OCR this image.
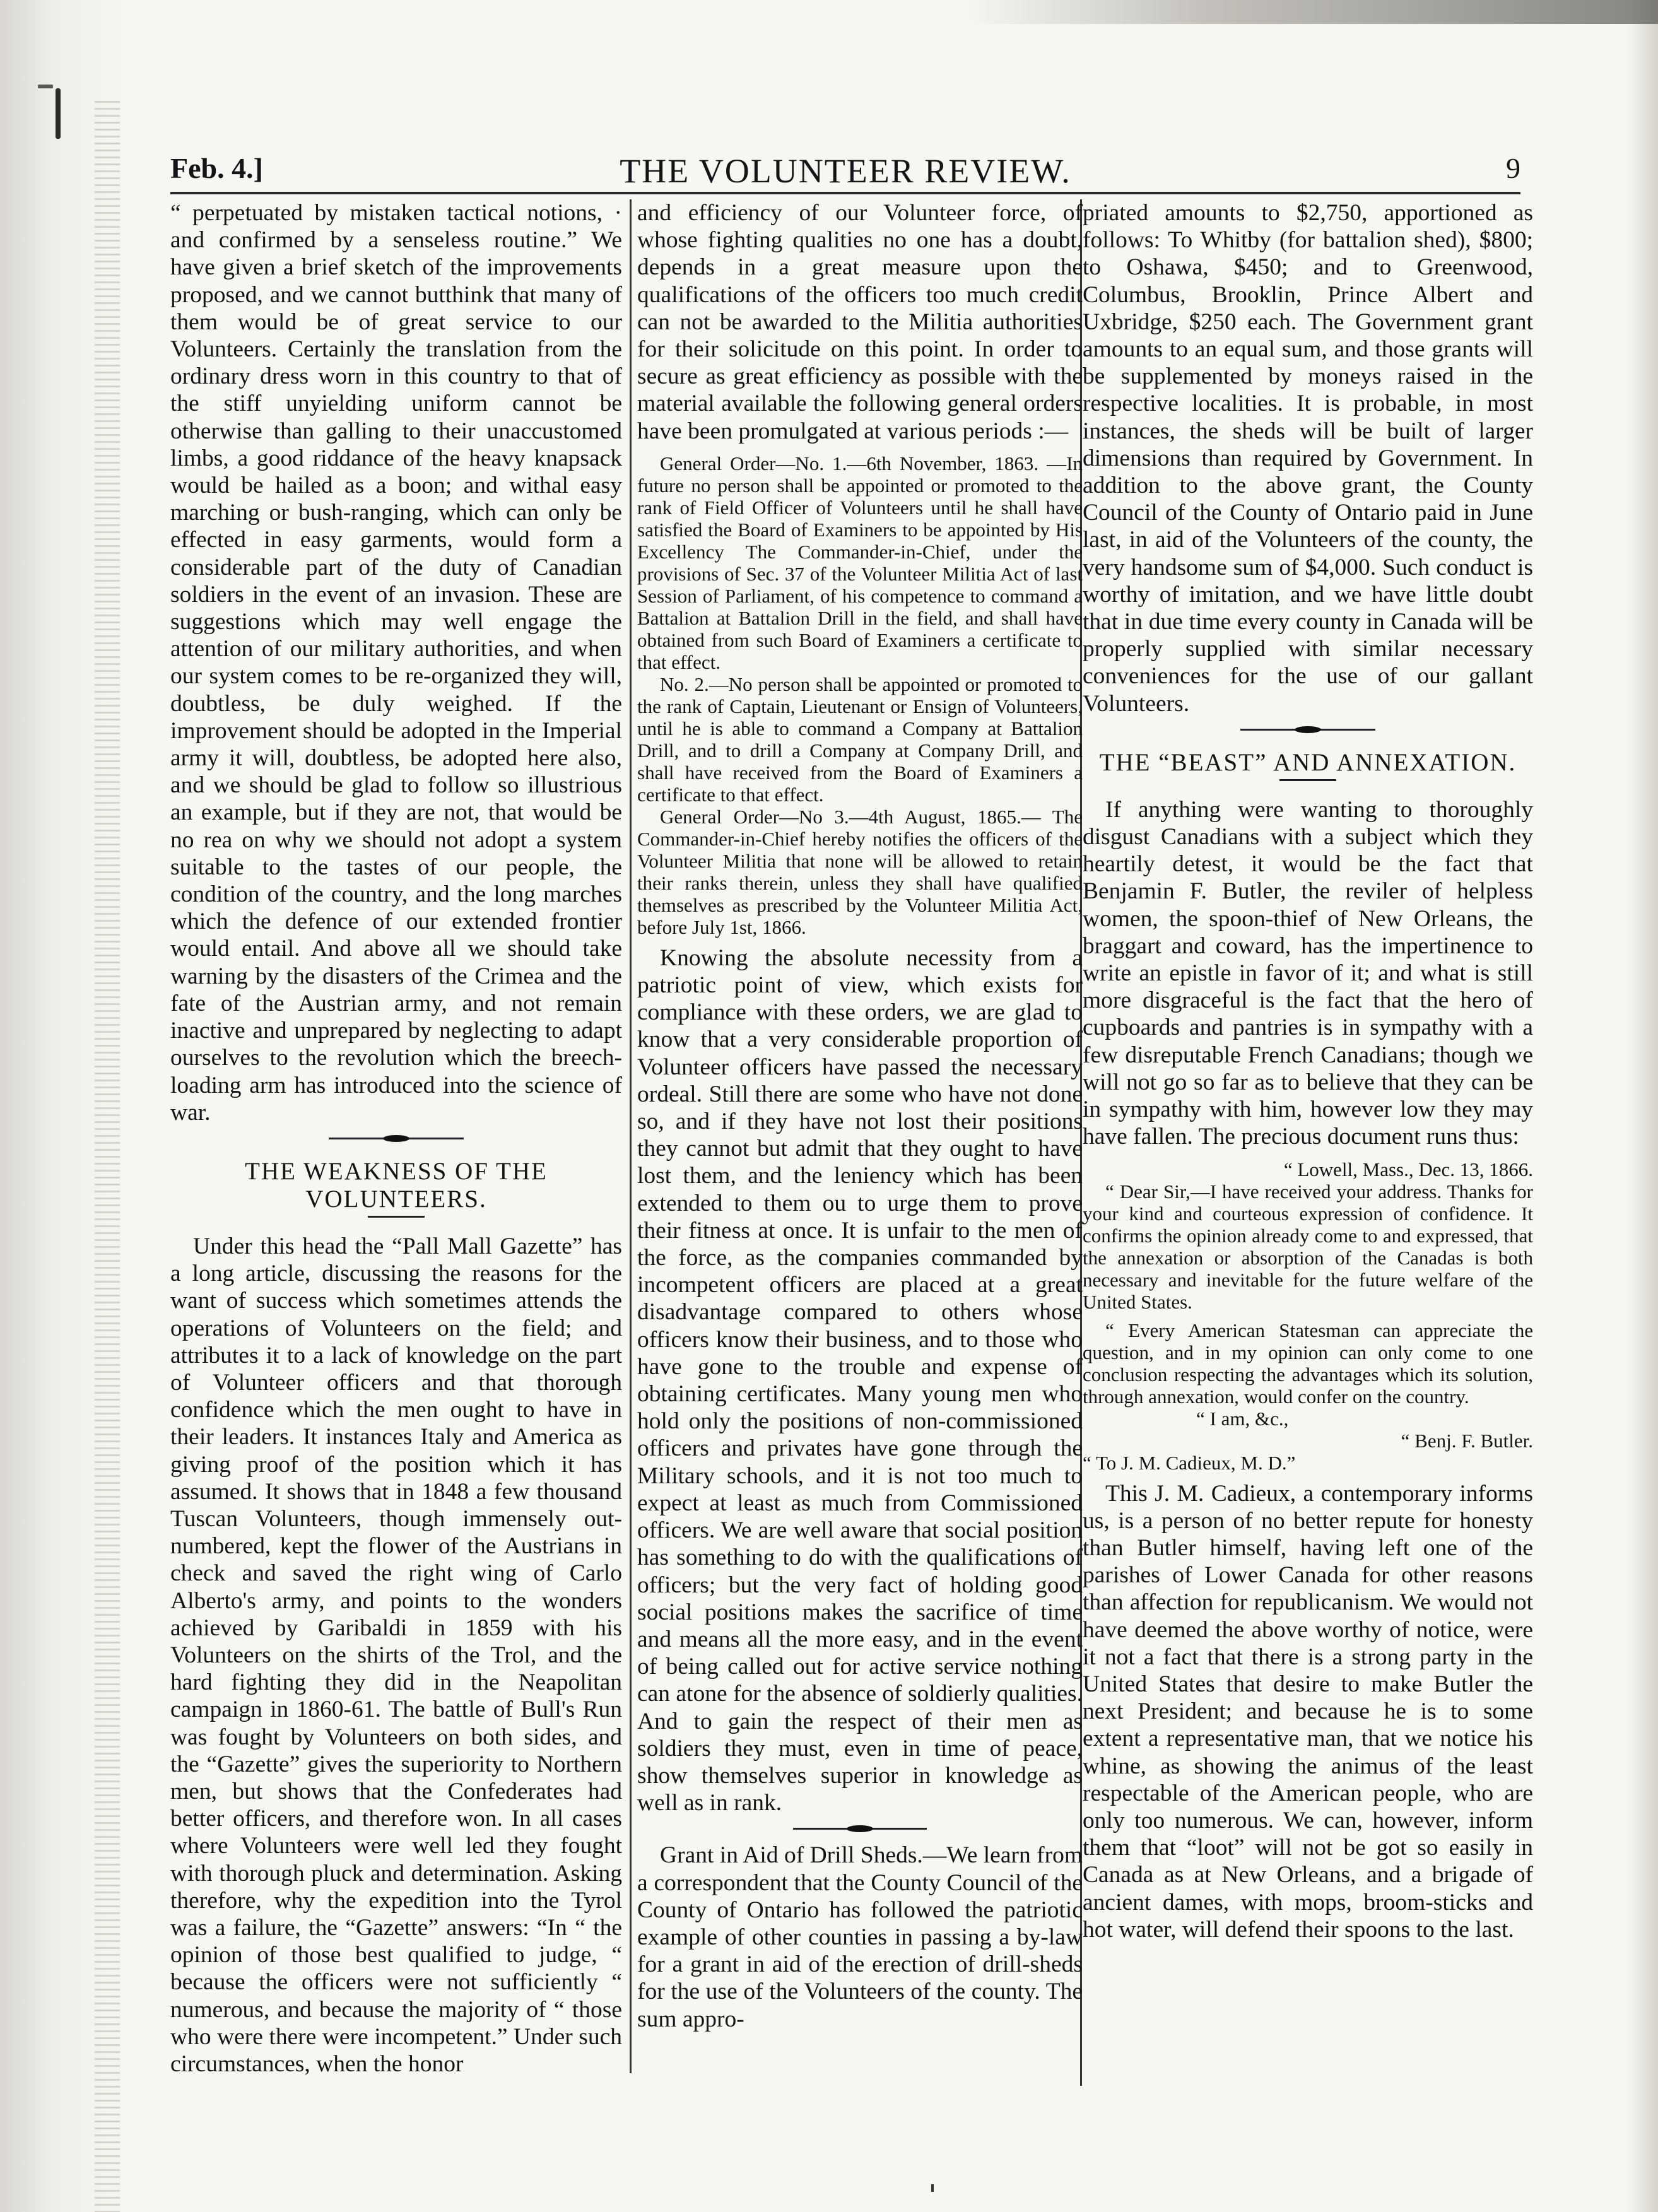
Feb. 4.]	THE VOLUNTEER REVIEW.	9

“ perpetuated by mistaken tactical notions, · and confirmed by a senseless routine.” We have given a brief sketch of the improvements proposed, and we cannot butthink that many of them would be of great service to our Volunteers. Certainly the translation from the ordinary dress worn in this country to that of the stiff unyielding uniform cannot be otherwise than galling to their unaccustomed limbs, a good riddance of the heavy knapsack would be hailed as a boon; and withal easy marching or bush-ranging, which can only be effected in easy garments, would form a considerable part of the duty of Canadian soldiers in the event of an invasion. These are suggestions which may well engage the attention of our military authorities, and when our system comes to be re-organized they will, doubtless, be duly weighed. If the improvement should be adopted in the Imperial army it will, doubtless, be adopted here also, and we should be glad to follow so illustrious an example, but if they are not, that would be no rea on why we should not adopt a system suitable to the tastes of our people, the condition of the country, and the long marches which the defence of our extended frontier would entail. And above all we should take warning by the disasters of the Crimea and the fate of the Austrian army, and not remain inactive and unprepared by neglecting to adapt ourselves to the revolution which the breech-loading arm has introduced into the science of war.

THE WEAKNESS OF THE VOLUNTEERS.

Under this head the “Pall Mall Gazette” has a long article, discussing the reasons for the want of success which sometimes attends the operations of Volunteers on the field; and attributes it to a lack of knowledge on the part of Volunteer officers and that thorough confidence which the men ought to have in their leaders. It instances Italy and America as giving proof of the position which it has assumed. It shows that in 1848 a few thousand Tuscan Volunteers, though immensely out-numbered, kept the flower of the Austrians in check and saved the right wing of Carlo Alberto's army, and points to the wonders achieved by Garibaldi in 1859 with his Volunteers on the shirts of the Trol, and the hard fighting they did in the Neapolitan campaign in 1860-61. The battle of Bull's Run was fought by Volunteers on both sides, and the “Gazette” gives the superiority to Northern men, but shows that the Confederates had better officers, and therefore won. In all cases where Volunteers were well led they fought with thorough pluck and determination. Asking therefore, why the expedition into the Tyrol was a failure, the “Gazette” answers: “In “ the opinion of those best qualified to judge, “ because the officers were not sufficiently “ numerous, and because the majority of “ those who were there were incompetent.” Under such circumstances, when the honor

and efficiency of our Volunteer force, of whose fighting qualities no one has a doubt, depends in a great measure upon the qualifications of the officers too much credit can not be awarded to the Militia authorities for their solicitude on this point. In order to secure as great efficiency as possible with the material available the following general orders have been promulgated at various periods :—

General Order—No. 1.—6th November, 1863. —In future no person shall be appointed or promoted to the rank of Field Officer of Volunteers until he shall have satisfied the Board of Examiners to be appointed by His Excellency The Commander-in-Chief, under the provisions of Sec. 37 of the Volunteer Militia Act of last Session of Parliament, of his competence to command a Battalion at Battalion Drill in the field, and shall have obtained from such Board of Examiners a certificate to that effect.

No. 2.—No person shall be appointed or promoted to the rank of Captain, Lieutenant or Ensign of Volunteers, until he is able to command a Company at Battalion Drill, and to drill a Company at Company Drill, and shall have received from the Board of Examiners a certificate to that effect.

General Order—No 3.—4th August, 1865.— The Commander-in-Chief hereby notifies the officers of the Volunteer Militia that none will be allowed to retain their ranks therein, unless they shall have qualified themselves as prescribed by the Volunteer Militia Act, before July 1st, 1866.

Knowing the absolute necessity from a patriotic point of view, which exists for compliance with these orders, we are glad to know that a very considerable proportion of Volunteer officers have passed the necessary ordeal. Still there are some who have not done so, and if they have not lost their positions they cannot but admit that they ought to have lost them, and the leniency which has been extended to them ou to urge them to prove their fitness at once. It is unfair to the men of the force, as the companies commanded by incompetent officers are placed at a great disadvantage compared to others whose officers know their business, and to those who have gone to the trouble and expense of obtaining certificates. Many young men who hold only the positions of non-commissioned officers and privates have gone through the Military schools, and it is not too much to expect at least as much from Commissioned officers. We are well aware that social position has something to do with the qualifications of officers; but the very fact of holding good social positions makes the sacrifice of time and means all the more easy, and in the event of being called out for active service nothing can atone for the absence of soldierly qualities. And to gain the respect of their men as soldiers they must, even in time of peace, show themselves superior in knowledge as well as in rank.

Grant in Aid of Drill Sheds.—We learn from a correspondent that the County Council of the County of Ontario has followed the patriotic example of other counties in passing a by-law for a grant in aid of the erection of drill-sheds for the use of the Volunteers of the county. The sum appro-

priated amounts to $2,750, apportioned as follows: To Whitby (for battalion shed), $800; to Oshawa, $450; and to Greenwood, Columbus, Brooklin, Prince Albert and Uxbridge, $250 each. The Government grant amounts to an equal sum, and those grants will be supplemented by moneys raised in the respective localities. It is probable, in most instances, the sheds will be built of larger dimensions than required by Government. In addition to the above grant, the County Council of the County of Ontario paid in June last, in aid of the Volunteers of the county, the very handsome sum of $4,000. Such conduct is worthy of imitation, and we have little doubt that in due time every county in Canada will be properly supplied with similar necessary conveniences for the use of our gallant Volunteers.

THE “BEAST” AND ANNEXATION.

If anything were wanting to thoroughly disgust Canadians with a subject which they heartily detest, it would be the fact that Benjamin F. Butler, the reviler of helpless women, the spoon-thief of New Orleans, the braggart and coward, has the impertinence to write an epistle in favor of it; and what is still more disgraceful is the fact that the hero of cupboards and pantries is in sympathy with a few disreputable French Canadians; though we will not go so far as to believe that they can be in sympathy with him, however low they may have fallen. The precious document runs thus:

“ Lowell, Mass., Dec. 13, 1866.

“ Dear Sir,—I have received your address. Thanks for your kind and courteous expression of confidence. It confirms the opinion already come to and expressed, that the annexation or absorption of the Canadas is both necessary and inevitable for the future welfare of the United States.

“ Every American Statesman can appreciate the question, and in my opinion can only come to one conclusion respecting the advantages which its solution, through annexation, would confer on the country.

“ I am, &c.,

“ Benj. F. Butler.

“ To J. M. Cadieux, M. D.”

This J. M. Cadieux, a contemporary informs us, is a person of no better repute for honesty than Butler himself, having left one of the parishes of Lower Canada for other reasons than affection for republicanism. We would not have deemed the above worthy of notice, were it not a fact that there is a strong party in the United States that desire to make Butler the next President; and because he is to some extent a representative man, that we notice his whine, as showing the animus of the least respectable of the American people, who are only too numerous. We can, however, inform them that “loot” will not be got so easily in Canada as at New Orleans, and a brigade of ancient dames, with mops, broom-sticks and hot water, will defend their spoons to the last.
